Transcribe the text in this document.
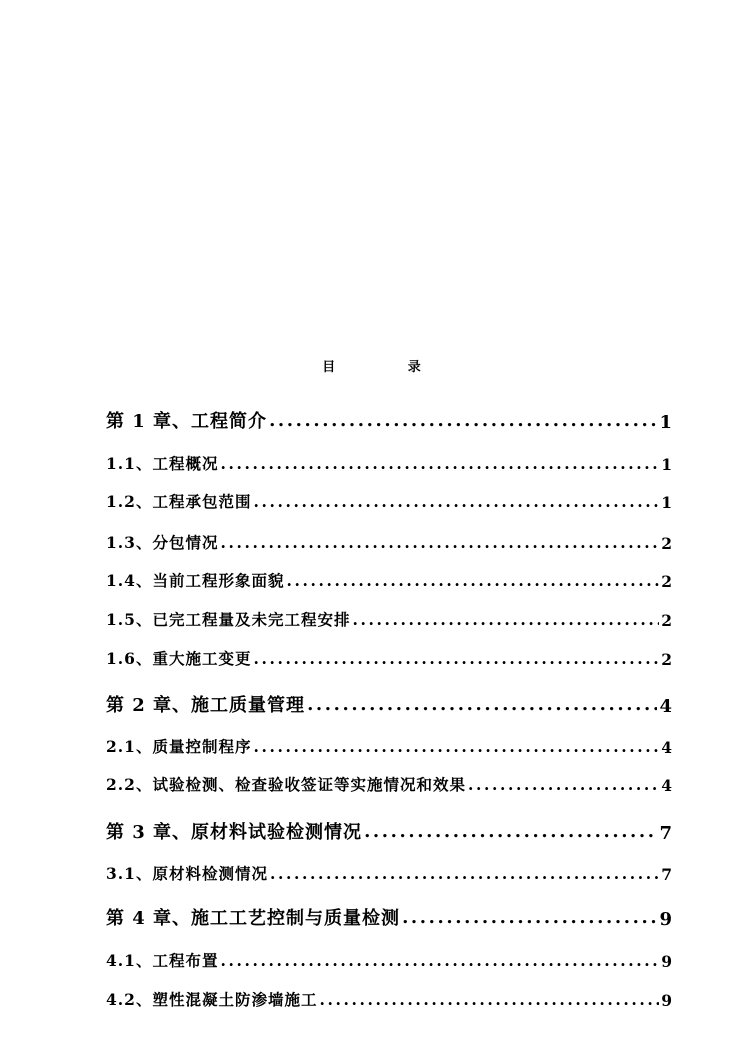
目 录
第 1 章、工程简介 .....	1
1.1、工程概况 .....	1
1.2、工程承包范围 .....	1
1.3、分包情况 .....	2
1.4、当前工程形象面貌 .....	2
1.5、已完工程量及未完工程安排 .....	2
1.6、重大施工变更 .....	2
第 2 章、施工质量管理 .....	4
2.1、质量控制程序 .....	4
2.2、试验检测、检查验收签证等实施情况和效果 .....	4
第 3 章、原材料试验检测情况 .....	7
3.1、原材料检测情况 .....	7
第 4 章、施工工艺控制与质量检测 .....	9
4.1、工程布置 .....	9
4.2、塑性混凝土防渗墙施工 .....	9
